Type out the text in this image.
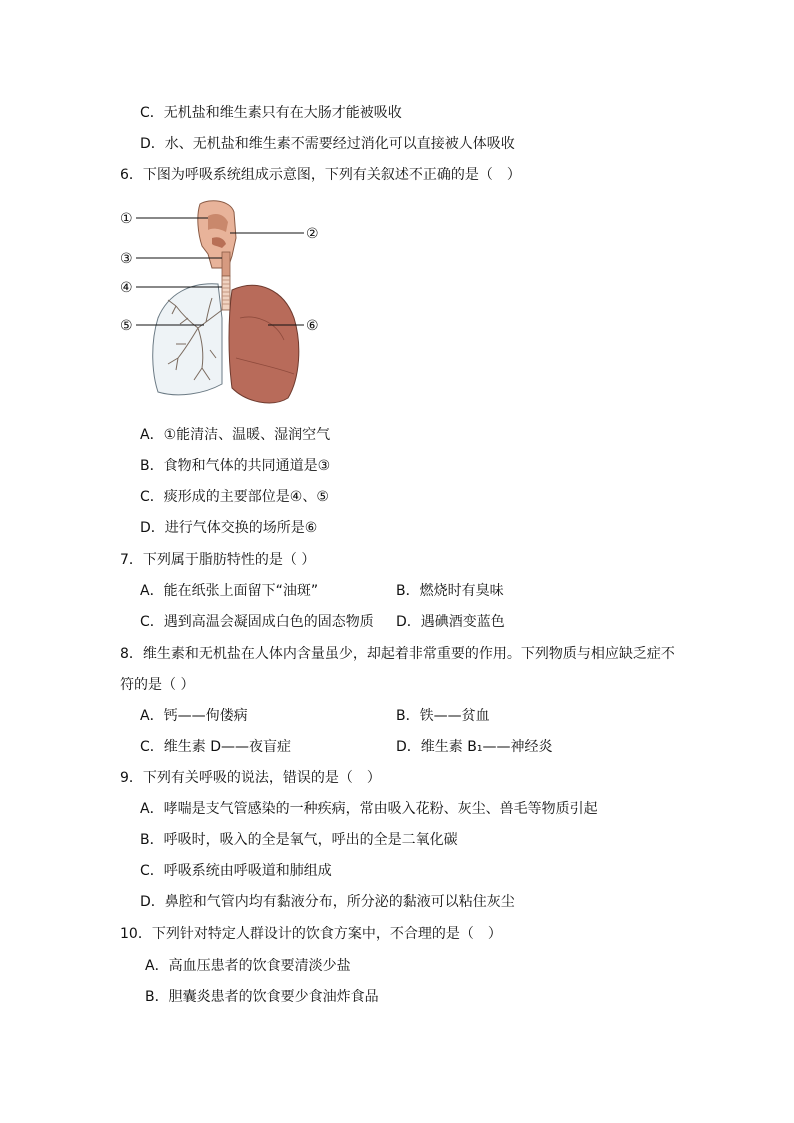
C．无机盐和维生素只有在大肠才能被吸收
D．水、无机盐和维生素不需要经过消化可以直接被人体吸收
6．下图为呼吸系统组成示意图，下列有关叙述不正确的是（　）
①
②
③
④
⑤	⑥
A．①能清洁、温暖、湿润空气
B．食物和气体的共同通道是③
C．痰形成的主要部位是④、⑤
D．进行气体交换的场所是⑥
7．下列属于脂肪特性的是（ ）
A．能在纸张上面留下“油斑”	B．燃烧时有臭味
C．遇到高温会凝固成白色的固态物质 D．遇碘酒变蓝色
8．维生素和无机盐在人体内含量虽少，却起着非常重要的作用。下列物质与相应缺乏症不
符的是（ ）
A．钙——佝偻病	B．铁——贫血
C．维生素 D——夜盲症	D．维生素 B₁——神经炎
9．下列有关呼吸的说法，错误的是（　）
A．哮喘是支气管感染的一种疾病，常由吸入花粉、灰尘、兽毛等物质引起
B．呼吸时，吸入的全是氧气，呼出的全是二氧化碳
C．呼吸系统由呼吸道和肺组成
D．鼻腔和气管内均有黏液分布，所分泌的黏液可以粘住灰尘
10．下列针对特定人群设计的饮食方案中，不合理的是（　）
A．高血压患者的饮食要清淡少盐
B．胆囊炎患者的饮食要少食油炸食品
